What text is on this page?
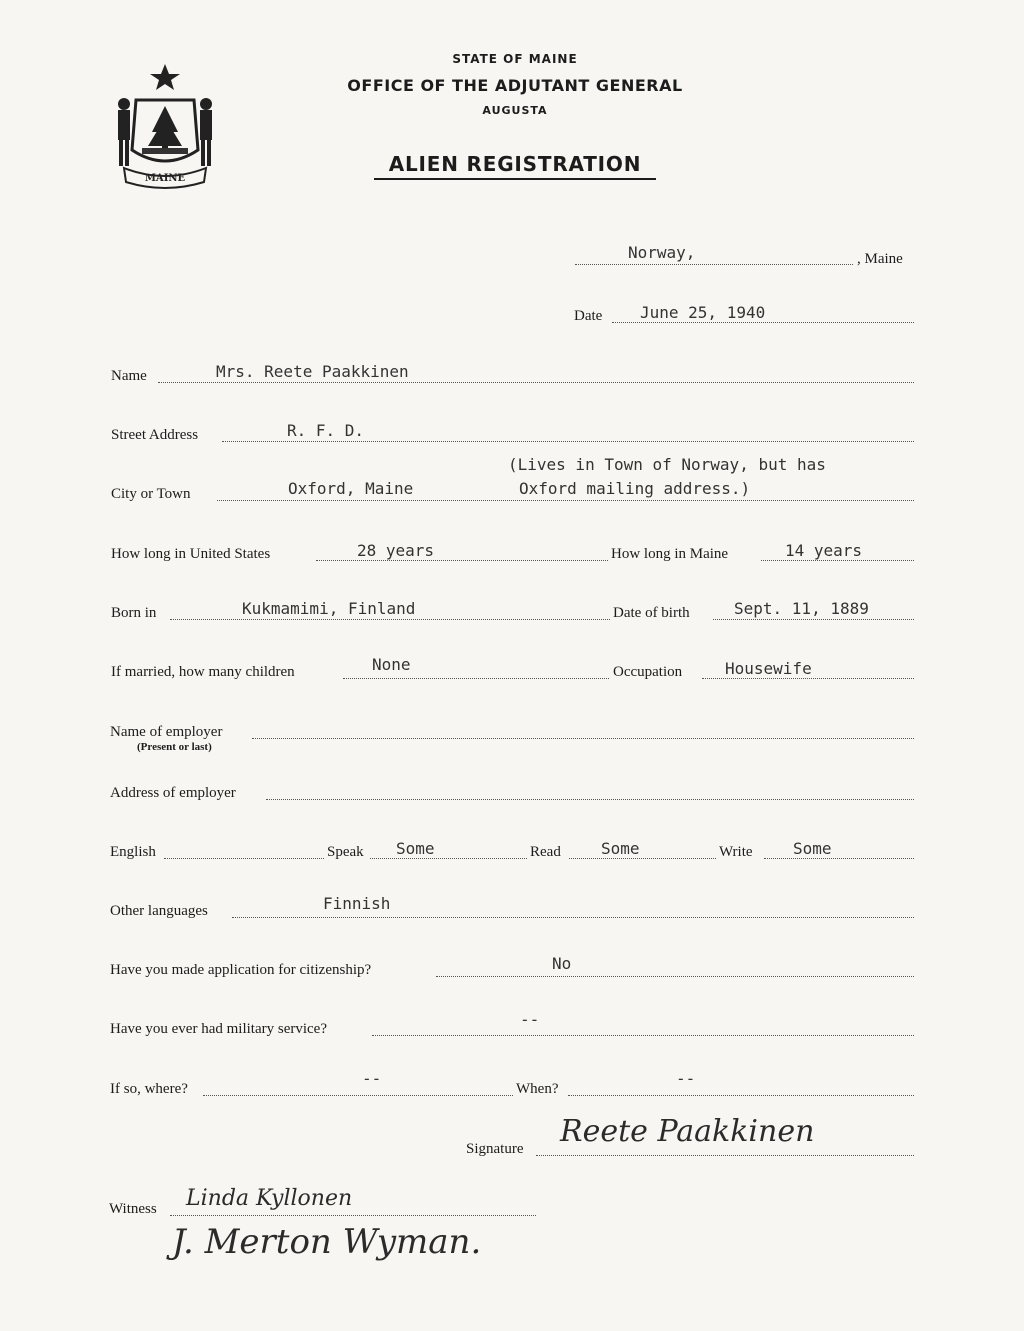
MAINE
STATE OF MAINE
OFFICE OF THE ADJUTANT GENERAL
AUGUSTA
ALIEN REGISTRATION
Norway,	, Maine
Date June 25, 1940
Name	Mrs. Reete Paakkinen
Street Address	R. F. D.
(Lives in Town of Norway, but has
City or Town	Oxford, Maine	Oxford mailing address.)
How long in United States	28 years	How long in Maine	14 years
Born in	Kukmamimi, Finland	Date of birth	Sept. 11, 1889
If married, how many children	None	Occupation	Housewife
Name of employer
(Present or last)
Address of employer
English	Speak Some	Read	Some	Write	Some
Other languages	Finnish
Have you made application for citizenship?	No
Have you ever had military service?	--
If so, where?
--
When?
--
Signature Reete Paakkinen
Witness Linda Kyllonen
J. Merton Wyman.
